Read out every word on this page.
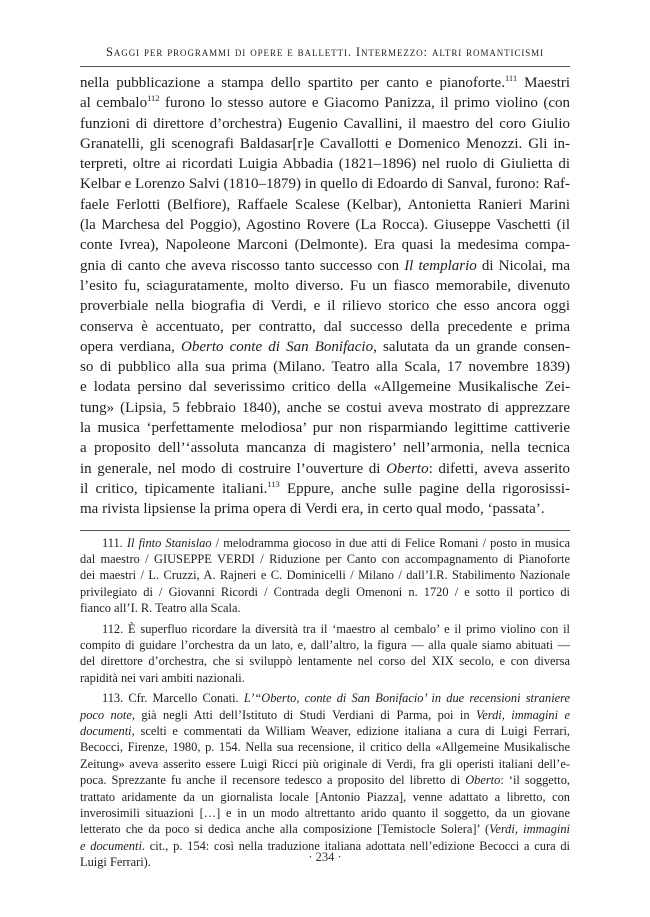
Saggi per programmi di opere e balletti. Intermezzo: altri romanticismi
nella pubblicazione a stampa dello spartito per canto e pianoforte.$^{111}$ Maestri
al cembalo$^{112}$ furono lo stesso autore e Giacomo Panizza, il primo violino (con
funzioni di direttore d’orchestra) Eugenio Cavallini, il maestro del coro Giulio
Granatelli, gli scenografi Baldasar[r]e Cavallotti e Domenico Menozzi. Gli in-
terpreti, oltre ai ricordati Luigia Abbadia (1821–1896) nel ruolo di Giulietta di
Kelbar e Lorenzo Salvi (1810–1879) in quello di Edoardo di Sanval, furono: Raf-
faele Ferlotti (Belfiore), Raffaele Scalese (Kelbar), Antonietta Ranieri Marini
(la Marchesa del Poggio), Agostino Rovere (La Rocca). Giuseppe Vaschetti (il
conte Ivrea), Napoleone Marconi (Delmonte). Era quasi la medesima compa-
gnia di canto che aveva riscosso tanto successo con Il templario di Nicolai, ma
l’esito fu, sciaguratamente, molto diverso. Fu un fiasco memorabile, divenuto
proverbiale nella biografia di Verdi, e il rilievo storico che esso ancora oggi
conserva è accentuato, per contratto, dal successo della precedente e prima
opera verdiana, Oberto conte di San Bonifacio, salutata da un grande consen-
so di pubblico alla sua prima (Milano. Teatro alla Scala, 17 novembre 1839)
e lodata persino dal severissimo critico della «Allgemeine Musikalische Zei-
tung» (Lipsia, 5 febbraio 1840), anche se costui aveva mostrato di apprezzare
la musica ‘perfettamente melodiosa’ pur non risparmiando legittime cattiverie
a proposito dell’‘assoluta mancanza di magistero’ nell’armonia, nella tecnica
in generale, nel modo di costruire l’ouverture di Oberto: difetti, aveva asserito
il critico, tipicamente italiani.$^{113}$ Eppure, anche sulle pagine della rigorosissi-
ma rivista lipsiense la prima opera di Verdi era, in certo qual modo, ‘passata’.
111. Il finto Stanislao / melodramma giocoso in due atti di Felice Romani / posto in musica
dal maestro / GIUSEPPE VERDI / Riduzione per Canto con accompagnamento di Pianoforte
dei maestri / L. Cruzzi, A. Rajneri e C. Dominicelli / Milano / dall’I.R. Stabilimento Nazionale
privilegiato di / Giovanni Ricordi / Contrada degli Omenoni n. 1720 / e sotto il portico di
fianco all’I. R. Teatro alla Scala.
112. È superfluo ricordare la diversità tra il ‘maestro al cembalo’ e il primo violino con il
compito di guidare l’orchestra da un lato, e, dall’altro, la figura — alla quale siamo abituati —
del direttore d’orchestra, che si sviluppò lentamente nel corso del XIX secolo, e con diversa
rapidità nei vari ambiti nazionali.
113. Cfr. Marcello Conati. L’“Oberto, conte di San Bonifacio’ in due recensioni straniere
poco note, già negli Atti dell’Istituto di Studi Verdiani di Parma, poi in Verdi, immagini e
documenti, scelti e commentati da William Weaver, edizione italiana a cura di Luigi Ferrari,
Becocci, Firenze, 1980, p. 154. Nella sua recensione, il critico della «Allgemeine Musikalische
Zeitung» aveva asserito essere Luigi Ricci più originale di Verdi, fra gli operisti italiani dell’e-
poca. Sprezzante fu anche il recensore tedesco a proposito del libretto di Oberto: ‘il soggetto,
trattato aridamente da un giornalista locale [Antonio Piazza], venne adattato a libretto, con
inverosimili situazioni […] e in un modo altrettanto arido quanto il soggetto, da un giovane
letterato che da poco si dedica anche alla composizione [Temistocle Solera]’ (Verdi, immagini
e documenti. cit., p. 154: così nella traduzione italiana adottata nell’edizione Becocci a cura di
Luigi Ferrari).	· 234 ·
